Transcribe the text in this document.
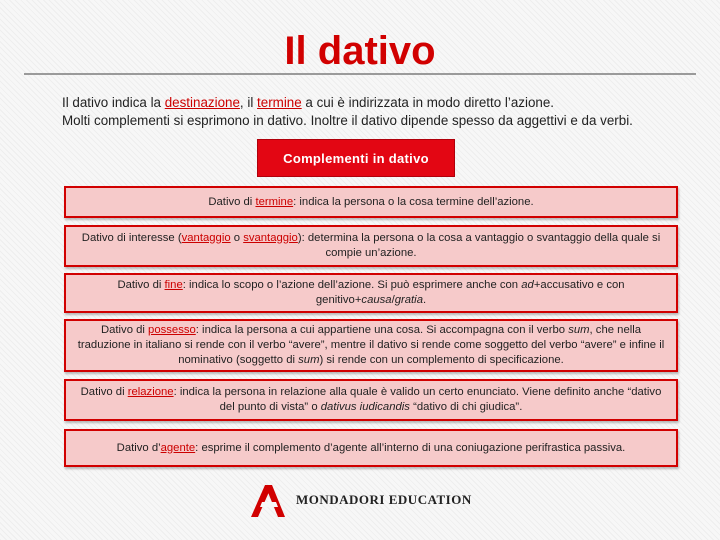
Il dativo
Il dativo indica la destinazione, il termine a cui è indirizzata in modo diretto l’azione.
Molti complementi si esprimono in dativo. Inoltre il dativo dipende spesso da aggettivi e da verbi.
Complementi in dativo
Dativo di termine: indica la persona o la cosa termine dell’azione.
Dativo di interesse (vantaggio o svantaggio): determina la persona o la cosa a vantaggio o svantaggio della quale si compie un’azione.
Dativo di fine: indica lo scopo o l’azione dell’azione. Si può esprimere anche con ad+accusativo e con genitivo+causa/gratia.
Dativo di possesso: indica la persona a cui appartiene una cosa. Si accompagna con il verbo sum, che nella traduzione in italiano si rende con il verbo “avere”, mentre il dativo si rende come soggetto del verbo “avere” e infine il nominativo (soggetto di sum) si rende con un complemento di specificazione.
Dativo di relazione: indica la persona in relazione alla quale è valido un certo enunciato. Viene definito anche “dativo del punto di vista” o dativus iudicandis “dativo di chi giudica”.
Dativo d’agente: esprime il complemento d’agente all’interno di una coniugazione perifrastica passiva.
MONDADORI EDUCATION
